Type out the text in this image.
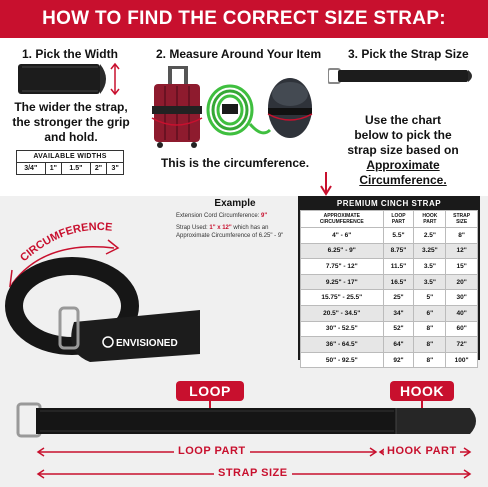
HOW TO FIND THE CORRECT SIZE STRAP:
1. Pick the Width
The wider the strap, the stronger the grip and hold.
AVAILABLE WIDTHS
3/4"	1"	1.5"	2"	3"
2. Measure Around Your Item
This is the circumference.
3. Pick the Strap Size
Use the chart
below to pick the
strap size based on
Approximate Circumference.
Example
Extension Cord Circumference: 9"
Strap Used: 1" x 12" which has an Approximate Circumference of 6.25" - 9"
PREMIUM CINCH STRAP
APPROXIMATE CIRCUMFERENCE	LOOP PART	HOOK PART	STRAP SIZE
4" - 6"	5.5"	2.5"	8"
6.25" - 9"	8.75"	3.25"	12"
7.75" - 12"	11.5"	3.5"	15"
9.25" - 17"	16.5"	3.5"	20"
15.75" - 25.5"	25"	5"	30"
20.5" - 34.5"	34"	6"	40"
30" - 52.5"	52"	8"	60"
36" - 64.5"	64"	8"	72"
50" - 92.5"	92"	8"	100"
CIRCUMFERENCE
ENVISIONED
LOOP	HOOK
LOOP PART	HOOK PART
STRAP SIZE
